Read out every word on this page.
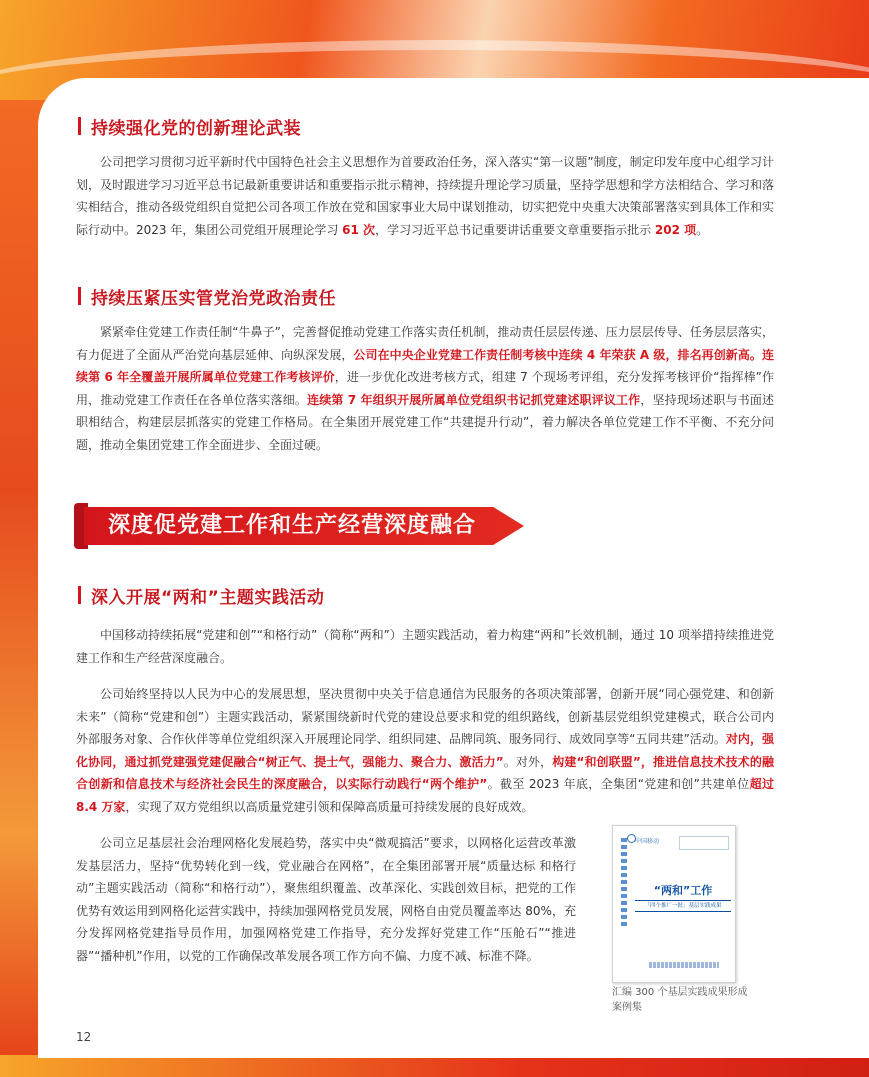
持续强化党的创新理论武装

公司把学习贯彻习近平新时代中国特色社会主义思想作为首要政治任务，深入落实“第一议题”制度，制定印发年度中心组学习计划，及时跟进学习习近平总书记最新重要讲话和重要指示批示精神，持续提升理论学习质量，坚持学思想和学方法相结合、学习和落实相结合，推动各级党组织自觉把公司各项工作放在党和国家事业大局中谋划推动，切实把党中央重大决策部署落实到具体工作和实际行动中。2023 年，集团公司党组开展理论学习 61 次，学习习近平总书记重要讲话重要文章重要指示批示 202 项。

持续压紧压实管党治党政治责任

紧紧牵住党建工作责任制“牛鼻子”，完善督促推动党建工作落实责任机制，推动责任层层传递、压力层层传导、任务层层落实，有力促进了全面从严治党向基层延伸、向纵深发展，公司在中央企业党建工作责任制考核中连续 4 年荣获 A 级，排名再创新高。连续第 6 年全覆盖开展所属单位党建工作考核评价，进一步优化改进考核方式，组建 7 个现场考评组，充分发挥考核评价“指挥棒”作用，推动党建工作责任在各单位落实落细。连续第 7 年组织开展所属单位党组织书记抓党建述职评议工作，坚持现场述职与书面述职相结合，构建层层抓落实的党建工作格局。在全集团开展党建工作“共建提升行动”，着力解决各单位党建工作不平衡、不充分问题，推动全集团党建工作全面进步、全面过硬。

深度促党建工作和生产经营深度融合
深入开展“两和”主题实践活动

中国移动持续拓展“党建和创”“和格行动”（简称“两和”）主题实践活动，着力构建“两和”长效机制，通过 10 项举措持续推进党建工作和生产经营深度融合。

公司始终坚持以人民为中心的发展思想，坚决贯彻中央关于信息通信为民服务的各项决策部署，创新开展“同心强党建、和创新未来”（简称“党建和创”）主题实践活动，紧紧围绕新时代党的建设总要求和党的组织路线，创新基层党组织党建模式，联合公司内外部服务对象、合作伙伴等单位党组织深入开展理论同学、组织同建、品牌同筑、服务同行、成效同享等“五同共建”活动。对内，强化协同，通过抓党建强党建促融合“树正气、提士气，强能力、聚合力、激活力”。对外，构建“和创联盟”，推进信息技术技术的融合创新和信息技术与经济社会民生的深度融合，以实际行动践行“两个维护”。截至 2023 年底，全集团“党建和创”共建单位超过 8.4 万家，实现了双方党组织以高质量党建引领和保障高质量可持续发展的良好成效。

公司立足基层社会治理网格化发展趋势，落实中央“微观搞活”要求，以网格化运营改革激发基层活力，坚持“优势转化到一线，党业融合在网格”，在全集团部署开展“质量达标 和格行动”主题实践活动（简称“和格行动”），聚焦组织覆盖、改革深化、实践创效目标，把党的工作优势有效运用到网格化运营实践中，持续加强网格党员发展，网格自由党员覆盖率达 80%，充分发挥网格党建指导员作用，加强网格党建工作指导，充分发挥好党建工作“压舱石”“推进器”“播种机”作用，以党的工作确保改革发展各项工作方向不偏、力度不减、标准不降。

中国移动
“两和”工作
「四个推广一批」基层实践成果

汇编 300 个基层实践成果形成案例集

12
